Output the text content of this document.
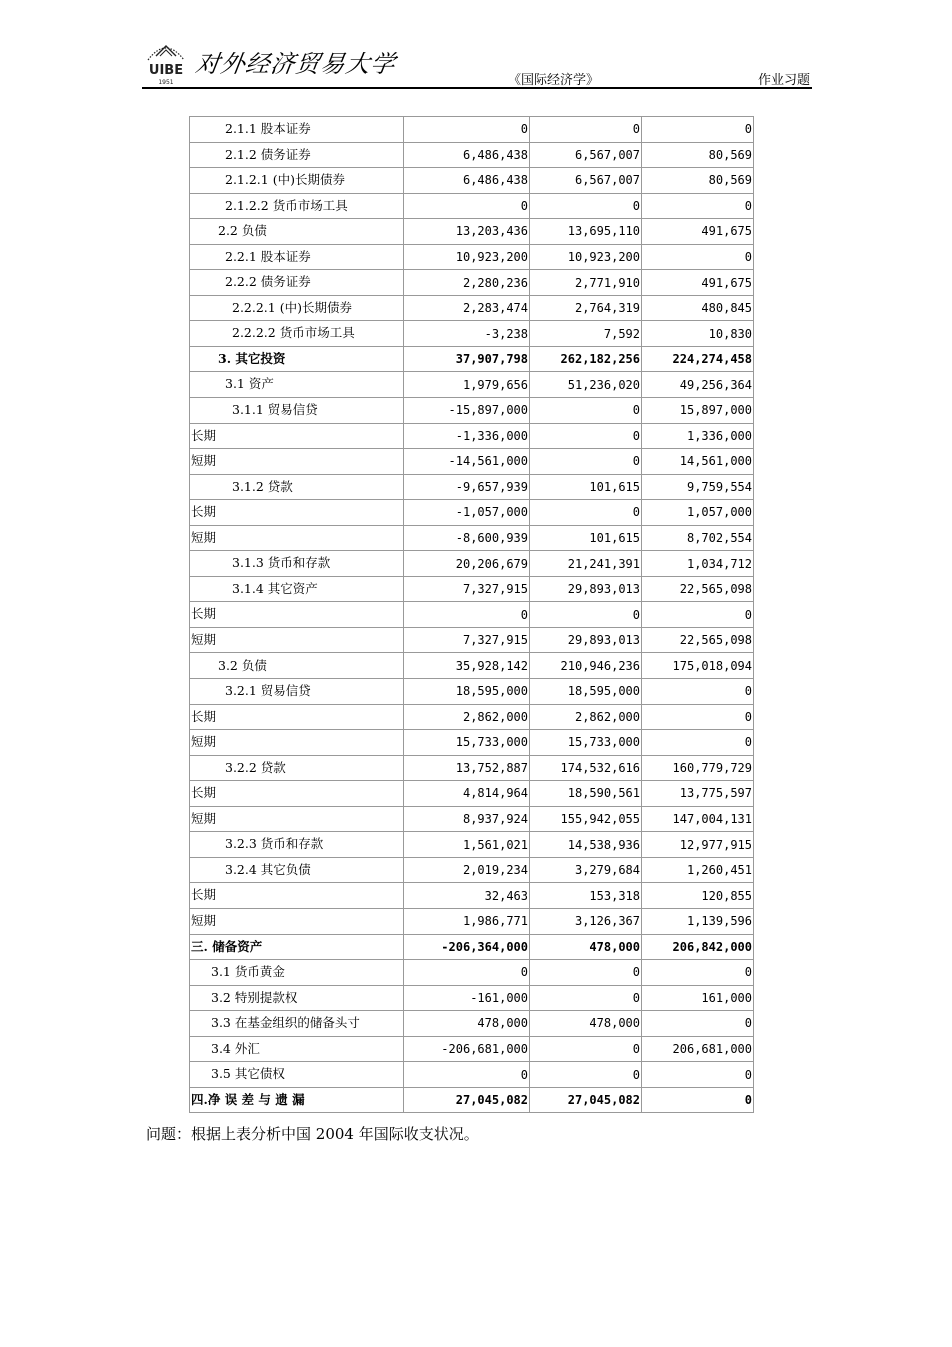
UIBE
1951
对外经济贸易大学
《国际经济学》	作业习题
2.1.1 股本证券	0	0	0
2.1.2 债务证券	6,486,438	6,567,007	80,569
2.1.2.1 (中)长期债券	6,486,438	6,567,007	80,569
2.1.2.2 货币市场工具	0	0	0
2.2 负债	13,203,436	13,695,110	491,675
2.2.1 股本证券	10,923,200	10,923,200	0
2.2.2 债务证券	2,280,236	2,771,910	491,675
2.2.2.1 (中)长期债券	2,283,474	2,764,319	480,845
2.2.2.2 货币市场工具	-3,238	7,592	10,830
3. 其它投资	37,907,798	262,182,256	224,274,458
3.1 资产	1,979,656	51,236,020	49,256,364
3.1.1 贸易信贷	-15,897,000	0	15,897,000
长期	-1,336,000	0	1,336,000
短期	-14,561,000	0	14,561,000
3.1.2 贷款	-9,657,939	101,615	9,759,554
长期	-1,057,000	0	1,057,000
短期	-8,600,939	101,615	8,702,554
3.1.3 货币和存款	20,206,679	21,241,391	1,034,712
3.1.4 其它资产	7,327,915	29,893,013	22,565,098
长期	0	0	0
短期	7,327,915	29,893,013	22,565,098
3.2 负债	35,928,142	210,946,236	175,018,094
3.2.1 贸易信贷	18,595,000	18,595,000	0
长期	2,862,000	2,862,000	0
短期	15,733,000	15,733,000	0
3.2.2 贷款	13,752,887	174,532,616	160,779,729
长期	4,814,964	18,590,561	13,775,597
短期	8,937,924	155,942,055	147,004,131
3.2.3 货币和存款	1,561,021	14,538,936	12,977,915
3.2.4 其它负债	2,019,234	3,279,684	1,260,451
长期	32,463	153,318	120,855
短期	1,986,771	3,126,367	1,139,596
三. 储备资产	-206,364,000	478,000	206,842,000
3.1 货币黄金	0	0	0
3.2 特别提款权	-161,000	0	161,000
3.3 在基金组织的储备头寸	478,000	478,000	0
3.4 外汇	-206,681,000	0	206,681,000
3.5 其它债权	0	0	0
四.净 误 差 与 遗 漏	27,045,082	27,045,082	0
问题：根据上表分析中国 2004 年国际收支状况。
